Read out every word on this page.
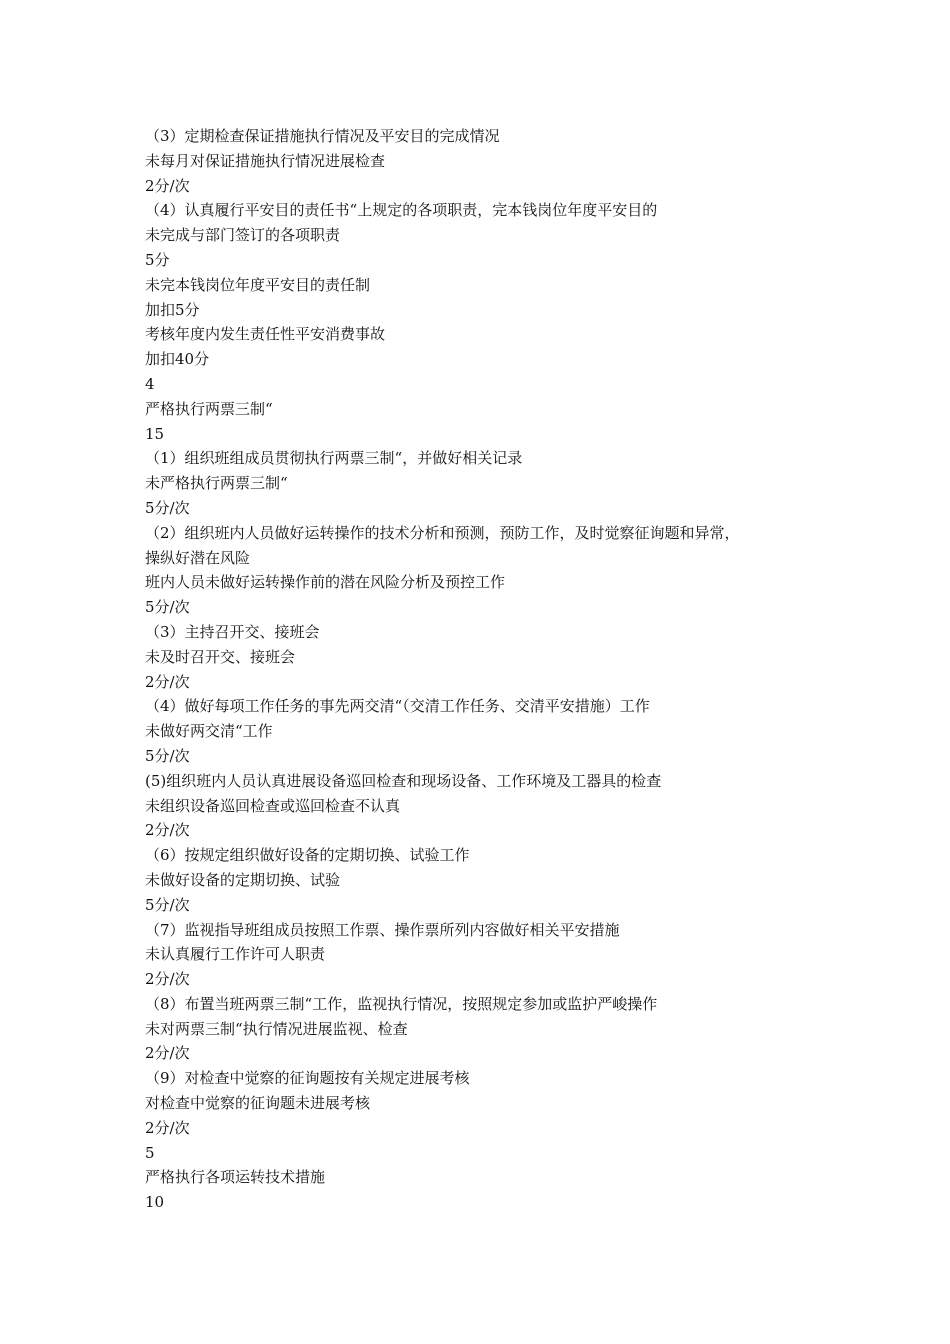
（3）定期检查保证措施执行情况及平安目的完成情况

未每月对保证措施执行情况进展检查

2分/次

（4）认真履行平安目的责任书“上规定的各项职责，完本钱岗位年度平安目的

未完成与部门签订的各项职责

5分

未完本钱岗位年度平安目的责任制

加扣5分

考核年度内发生责任性平安消费事故

加扣40分

4

严格执行两票三制“

15

（1）组织班组成员贯彻执行两票三制“，并做好相关记录

未严格执行两票三制“

5分/次

（2）组织班内人员做好运转操作的技术分析和预测，预防工作，及时觉察征询题和异常，

操纵好潜在风险

班内人员未做好运转操作前的潜在风险分析及预控工作

5分/次

（3）主持召开交、接班会

未及时召开交、接班会

2分/次

（4）做好每项工作任务的事先两交清“（交清工作任务、交清平安措施）工作

未做好两交清“工作

5分/次

(5)组织班内人员认真进展设备巡回检查和现场设备、工作环境及工器具的检查

未组织设备巡回检查或巡回检查不认真

2分/次

（6）按规定组织做好设备的定期切换、试验工作

未做好设备的定期切换、试验

5分/次

（7）监视指导班组成员按照工作票、操作票所列内容做好相关平安措施

未认真履行工作许可人职责

2分/次

（8）布置当班两票三制“工作，监视执行情况，按照规定参加或监护严峻操作

未对两票三制“执行情况进展监视、检查

2分/次

（9）对检查中觉察的征询题按有关规定进展考核

对检查中觉察的征询题未进展考核

2分/次

5

严格执行各项运转技术措施

10
